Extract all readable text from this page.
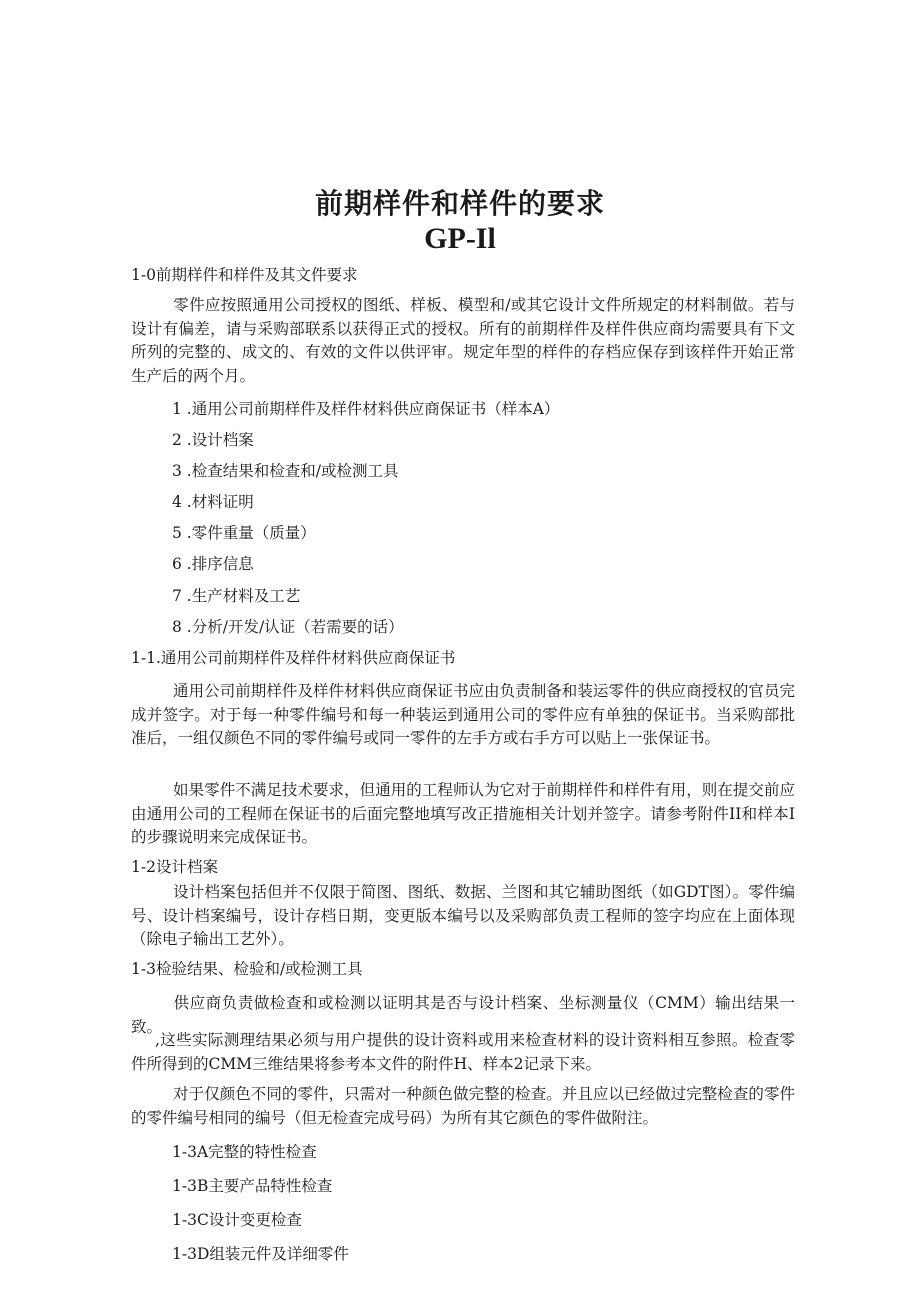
前期样件和样件的要求
GP-Il
1-0前期样件和样件及其文件要求

零件应按照通用公司授权的图纸、样板、模型和/或其它设计文件所规定的材料制做。若与设计有偏差，请与采购部联系以获得正式的授权。所有的前期样件及样件供应商均需要具有下文所列的完整的、成文的、有效的文件以供评审。规定年型的样件的存档应保存到该样件开始正常生产后的两个月。

1 .通用公司前期样件及样件材料供应商保证书（样本A）
2 .设计档案
3 .检查结果和检查和/或检测工具
4 .材料证明
5 .零件重量（质量）
6 .排序信息
7 .生产材料及工艺
8 .分析/开发/认证（若需要的话）
1-1.通用公司前期样件及样件材料供应商保证书

通用公司前期样件及样件材料供应商保证书应由负责制备和装运零件的供应商授权的官员完成并签字。对于每一种零件编号和每一种装运到通用公司的零件应有单独的保证书。当采购部批准后，一组仅颜色不同的零件编号或同一零件的左手方或右手方可以贴上一张保证书。

如果零件不满足技术要求，但通用的工程师认为它对于前期样件和样件有用，则在提交前应由通用公司的工程师在保证书的后面完整地填写改正措施相关计划并签字。请参考附件II和样本I的步骤说明来完成保证书。

1-2设计档案

设计档案包括但并不仅限于简图、图纸、数据、兰图和其它辅助图纸（如GDT图）。零件编号、设计档案编号，设计存档日期，变更版本编号以及采购部负责工程师的签字均应在上面体现（除电子输出工艺外）。

1-3检验结果、检验和/或检测工具

供应商负责做检查和或检测以证明其是否与设计档案、坐标测量仪（CMM）输出结果一致。

,这些实际测理结果必须与用户提供的设计资料或用来检查材料的设计资料相互参照。检查零件所得到的CMM三维结果将参考本文件的附件H、样本2记录下来。

对于仅颜色不同的零件，只需对一种颜色做完整的检查。并且应以已经做过完整检查的零件的零件编号相同的编号（但无检查完成号码）为所有其它颜色的零件做附注。

1-3A完整的特性检查
1-3B主要产品特性检查
1-3C设计变更检查
1-3D组装元件及详细零件
